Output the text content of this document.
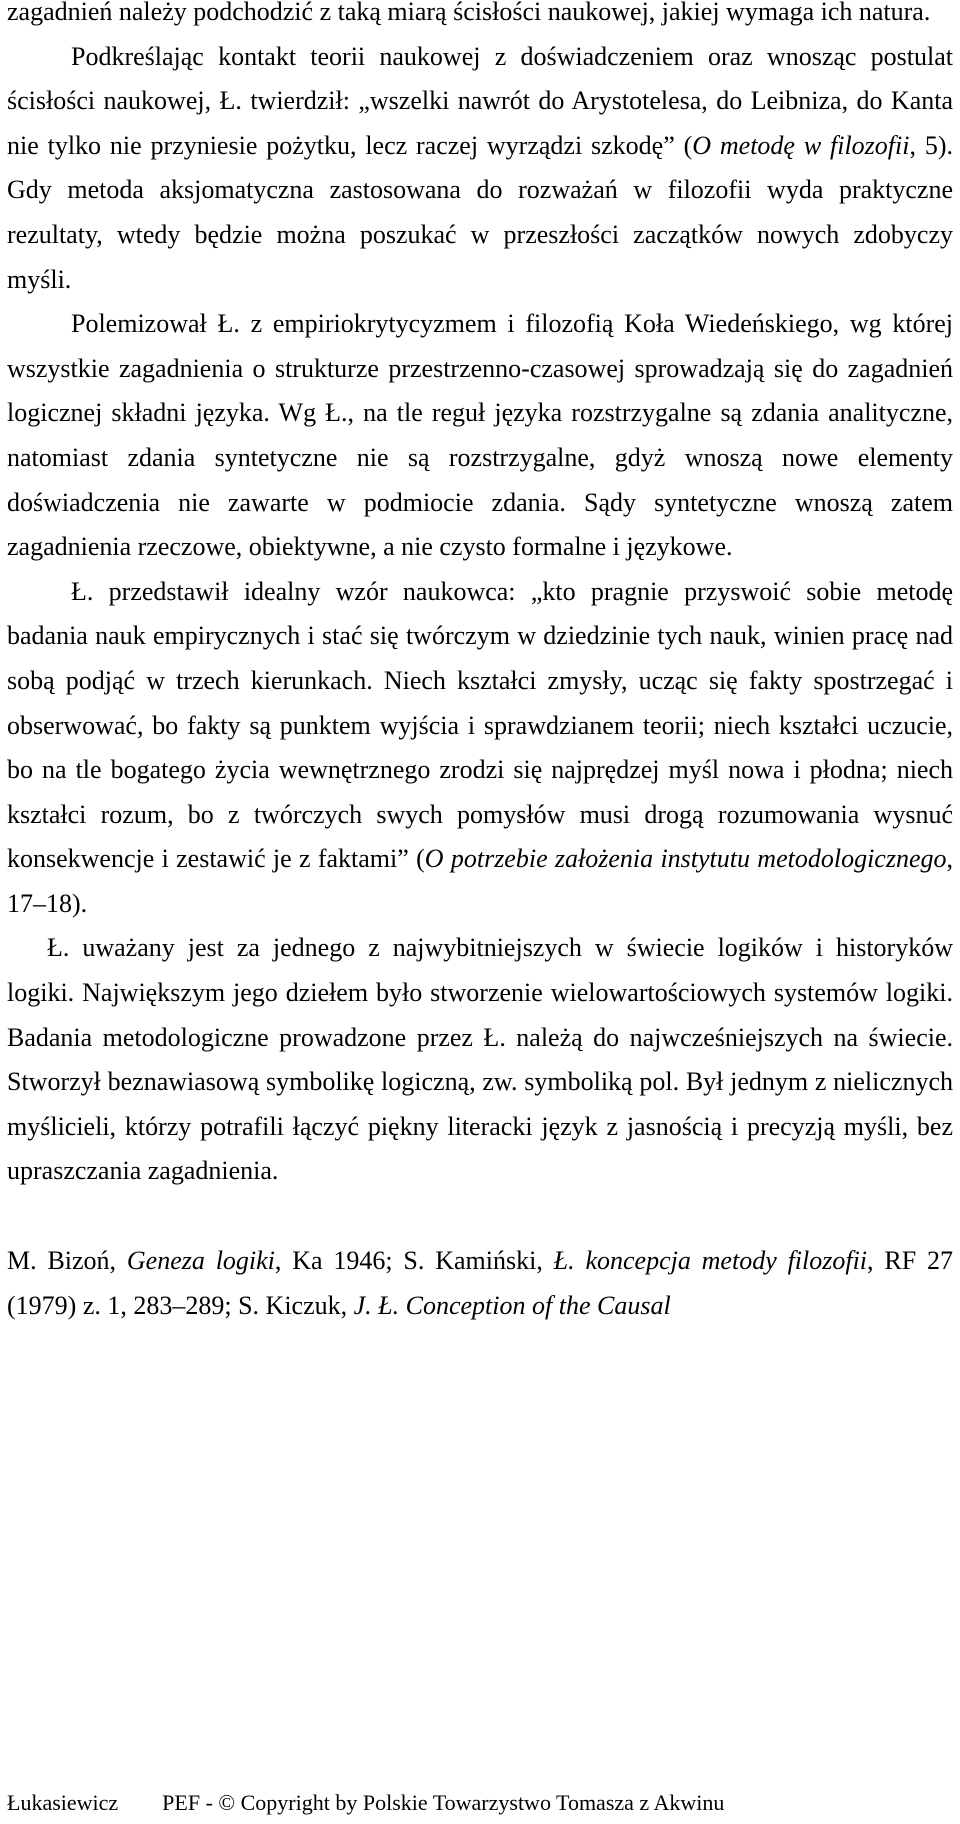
zagadnień należy podchodzić z taką miarą ścisłości naukowej, jakiej wymaga ich natura.

Podkreślając kontakt teorii naukowej z doświadczeniem oraz wnosząc postulat ścisłości naukowej, Ł. twierdził: „wszelki nawrót do Arystotelesa, do Leibniza, do Kanta nie tylko nie przyniesie pożytku, lecz raczej wyrządzi szkodę” (O metodę w filozofii, 5). Gdy metoda aksjomatyczna zastosowana do rozważań w filozofii wyda praktyczne rezultaty, wtedy będzie można poszukać w przeszłości zaczątków nowych zdobyczy myśli.

Polemizował Ł. z empiriokrytycyzmem i filozofią Koła Wiedeńskiego, wg której wszystkie zagadnienia o strukturze przestrzenno-czasowej sprowadzają się do zagadnień logicznej składni języka. Wg Ł., na tle reguł języka rozstrzygalne są zdania analityczne, natomiast zdania syntetyczne nie są rozstrzygalne, gdyż wnoszą nowe elementy doświadczenia nie zawarte w podmiocie zdania. Sądy syntetyczne wnoszą zatem zagadnienia rzeczowe, obiektywne, a nie czysto formalne i językowe.

Ł. przedstawił idealny wzór naukowca: „kto pragnie przyswoić sobie metodę badania nauk empirycznych i stać się twórczym w dziedzinie tych nauk, winien pracę nad sobą podjąć w trzech kierunkach. Niech kształci zmysły, ucząc się fakty spostrzegać i obserwować, bo fakty są punktem wyjścia i sprawdzianem teorii; niech kształci uczucie, bo na tle bogatego życia wewnętrznego zrodzi się najprędzej myśl nowa i płodna; niech kształci rozum, bo z twórczych swych pomysłów musi drogą rozumowania wysnuć konsekwencje i zestawić je z faktami” (O potrzebie założenia instytutu metodologicznego, 17–18).

Ł. uważany jest za jednego z najwybitniejszych w świecie logików i historyków logiki. Największym jego dziełem było stworzenie wielowartościowych systemów logiki. Badania metodologiczne prowadzone przez Ł. należą do najwcześniejszych na świecie. Stworzył beznawiasową symbolikę logiczną, zw. symboliką pol. Był jednym z nielicznych myślicieli, którzy potrafili łączyć piękny literacki język z jasnością i precyzją myśli, bez upraszczania zagadnienia.

M. Bizoń, Geneza logiki, Ka 1946; S. Kamiński, Ł. koncepcja metody filozofii, RF 27 (1979) z. 1, 283–289; S. Kiczuk, J. Ł. Conception of the Causal

Łukasiewicz PEF - © Copyright by Polskie Towarzystwo Tomasza z Akwinu
